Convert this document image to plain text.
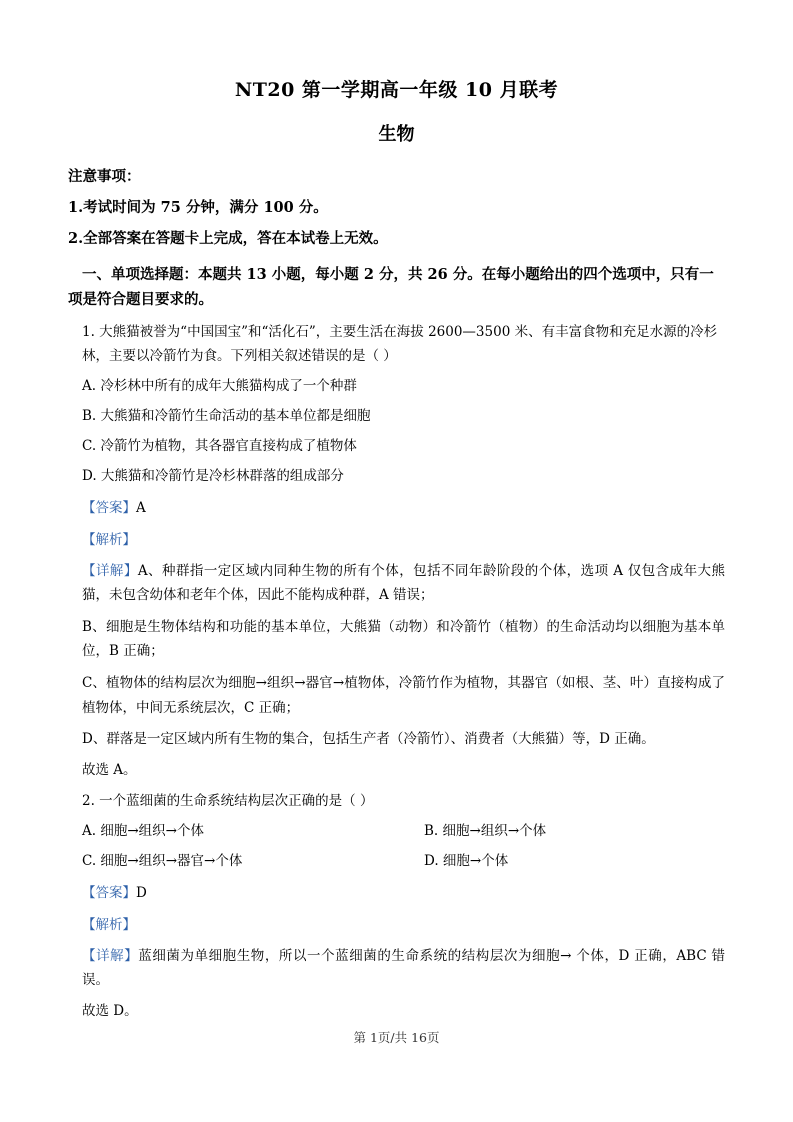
NT20 第一学期高一年级 10 月联考
生物
注意事项：
1.考试时间为 75 分钟，满分 100 分。
2.全部答案在答题卡上完成，答在本试卷上无效。
一、单项选择题：本题共 13 小题，每小题 2 分，共 26 分。在每小题给出的四个选项中，只有一项是符合题目要求的。
1. 大熊猫被誉为“中国国宝”和“活化石”，主要生活在海拔 2600—3500 米、有丰富食物和充足水源的冷杉林，主要以冷箭竹为食。下列相关叙述错误的是（ ）
A. 冷杉林中所有的成年大熊猫构成了一个种群
B. 大熊猫和冷箭竹生命活动的基本单位都是细胞
C. 冷箭竹为植物，其各器官直接构成了植物体
D. 大熊猫和冷箭竹是冷杉林群落的组成部分
【答案】A
【解析】
【详解】A、种群指一定区域内同种生物的所有个体，包括不同年龄阶段的个体，选项 A 仅包含成年大熊猫，未包含幼体和老年个体，因此不能构成种群，A 错误；
B、细胞是生物体结构和功能的基本单位，大熊猫（动物）和冷箭竹（植物）的生命活动均以细胞为基本单位，B 正确；
C、植物体的结构层次为细胞→组织→器官→植物体，冷箭竹作为植物，其器官（如根、茎、叶）直接构成了植物体，中间无系统层次，C 正确；
D、群落是一定区域内所有生物的集合，包括生产者（冷箭竹）、消费者（大熊猫）等，D 正确。
故选 A。
2. 一个蓝细菌的生命系统结构层次正确的是（ ）
A. 细胞→组织→个体	B. 细胞→组织→个体
C. 细胞→组织→器官→个体	D. 细胞→个体
【答案】D
【解析】
【详解】蓝细菌为单细胞生物，所以一个蓝细菌的生命系统的结构层次为细胞→ 个体，D 正确，ABC 错误。
故选 D。
第 1页/共 16页
